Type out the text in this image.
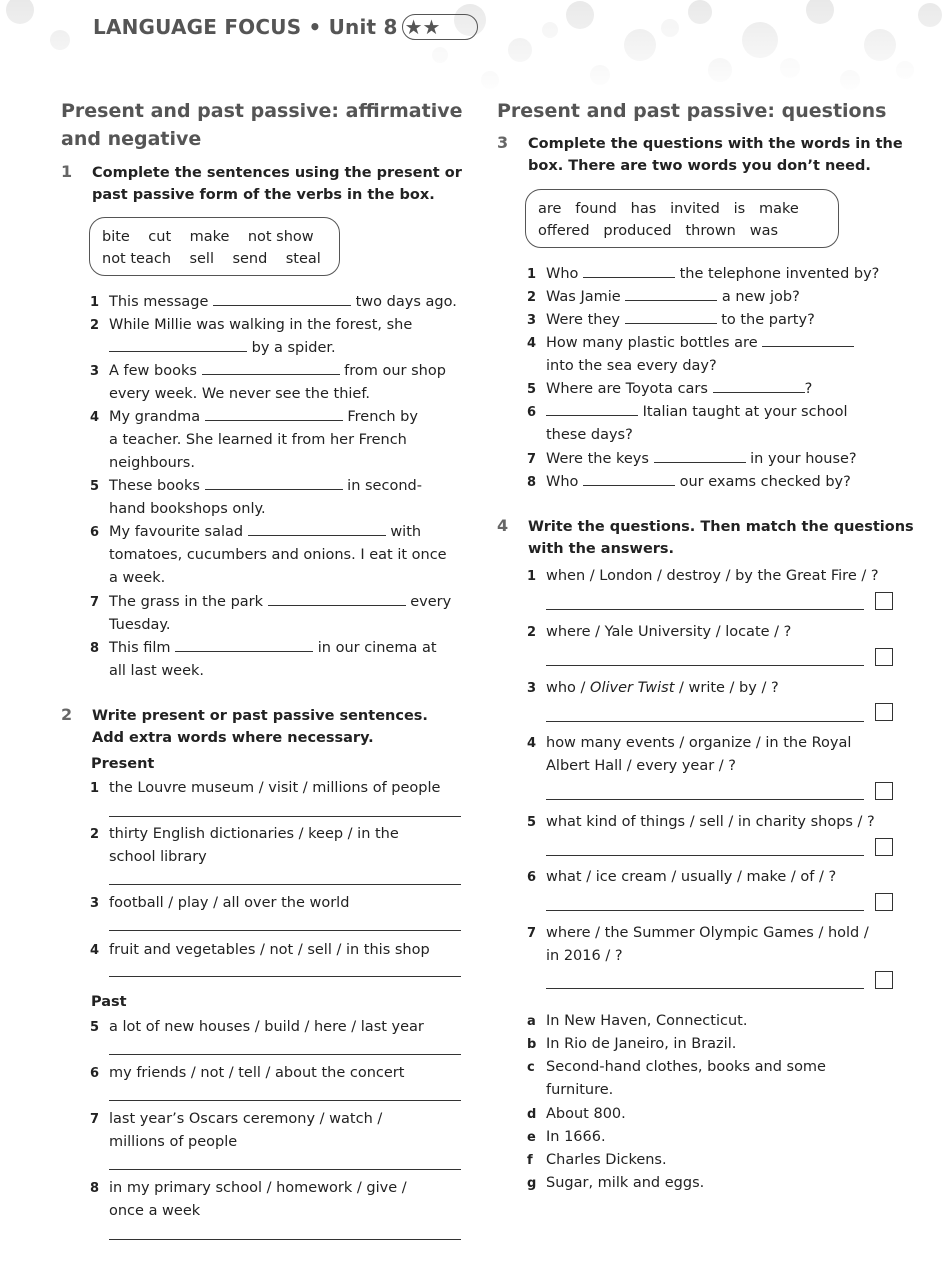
LANGUAGE FOCUS • Unit 8 ★★
Present and past passive: affirmative
and negative
1 Complete the sentences using the present or
past passive form of the verbs in the box.
bite cut make not show
not teach sell send steal
1 This message	two days ago.
2 While Millie was walking in the forest, she
by a spider.
3 A few books	from our shop
every week. We never see the thief.
4 My grandma	French by
a teacher. She learned it from her French
neighbours.
5 These books	in second-
hand bookshops only.
6 My favourite salad	with
tomatoes, cucumbers and onions. I eat it once
a week.
7 The grass in the park	every
Tuesday.
8 This film	in our cinema at
all last week.
2 Write present or past passive sentences.
Add extra words where necessary.
Present
1 the Louvre museum / visit / millions of people
2 thirty English dictionaries / keep / in the
school library
3 football / play / all over the world
4 fruit and vegetables / not / sell / in this shop
Past
5 a lot of new houses / build / here / last year
6 my friends / not / tell / about the concert
7 last year’s Oscars ceremony / watch /
millions of people
8 in my primary school / homework / give /
once a week
Present and past passive: questions
3 Complete the questions with the words in the
box. There are two words you don’t need.
are found has invited is make
offered produced thrown was
1 Who	the telephone invented by?
2 Was Jamie	a new job?
3 Were they	to the party?
4 How many plastic bottles are
into the sea every day?
5 Where are Toyota cars	?
6	Italian taught at your school
these days?
7 Were the keys	in your house?
8 Who	our exams checked by?
4 Write the questions. Then match the questions
with the answers.
1 when / London / destroy / by the Great Fire / ?
2 where / Yale University / locate / ?
3 who / Oliver Twist / write / by / ?
4 how many events / organize / in the Royal
Albert Hall / every year / ?
5 what kind of things / sell / in charity shops / ?
6 what / ice cream / usually / make / of / ?
7 where / the Summer Olympic Games / hold /
in 2016 / ?
a In New Haven, Connecticut.
b In Rio de Janeiro, in Brazil.
c Second-hand clothes, books and some
furniture.
d About 800.
e In 1666.
f Charles Dickens.
g Sugar, milk and eggs.
